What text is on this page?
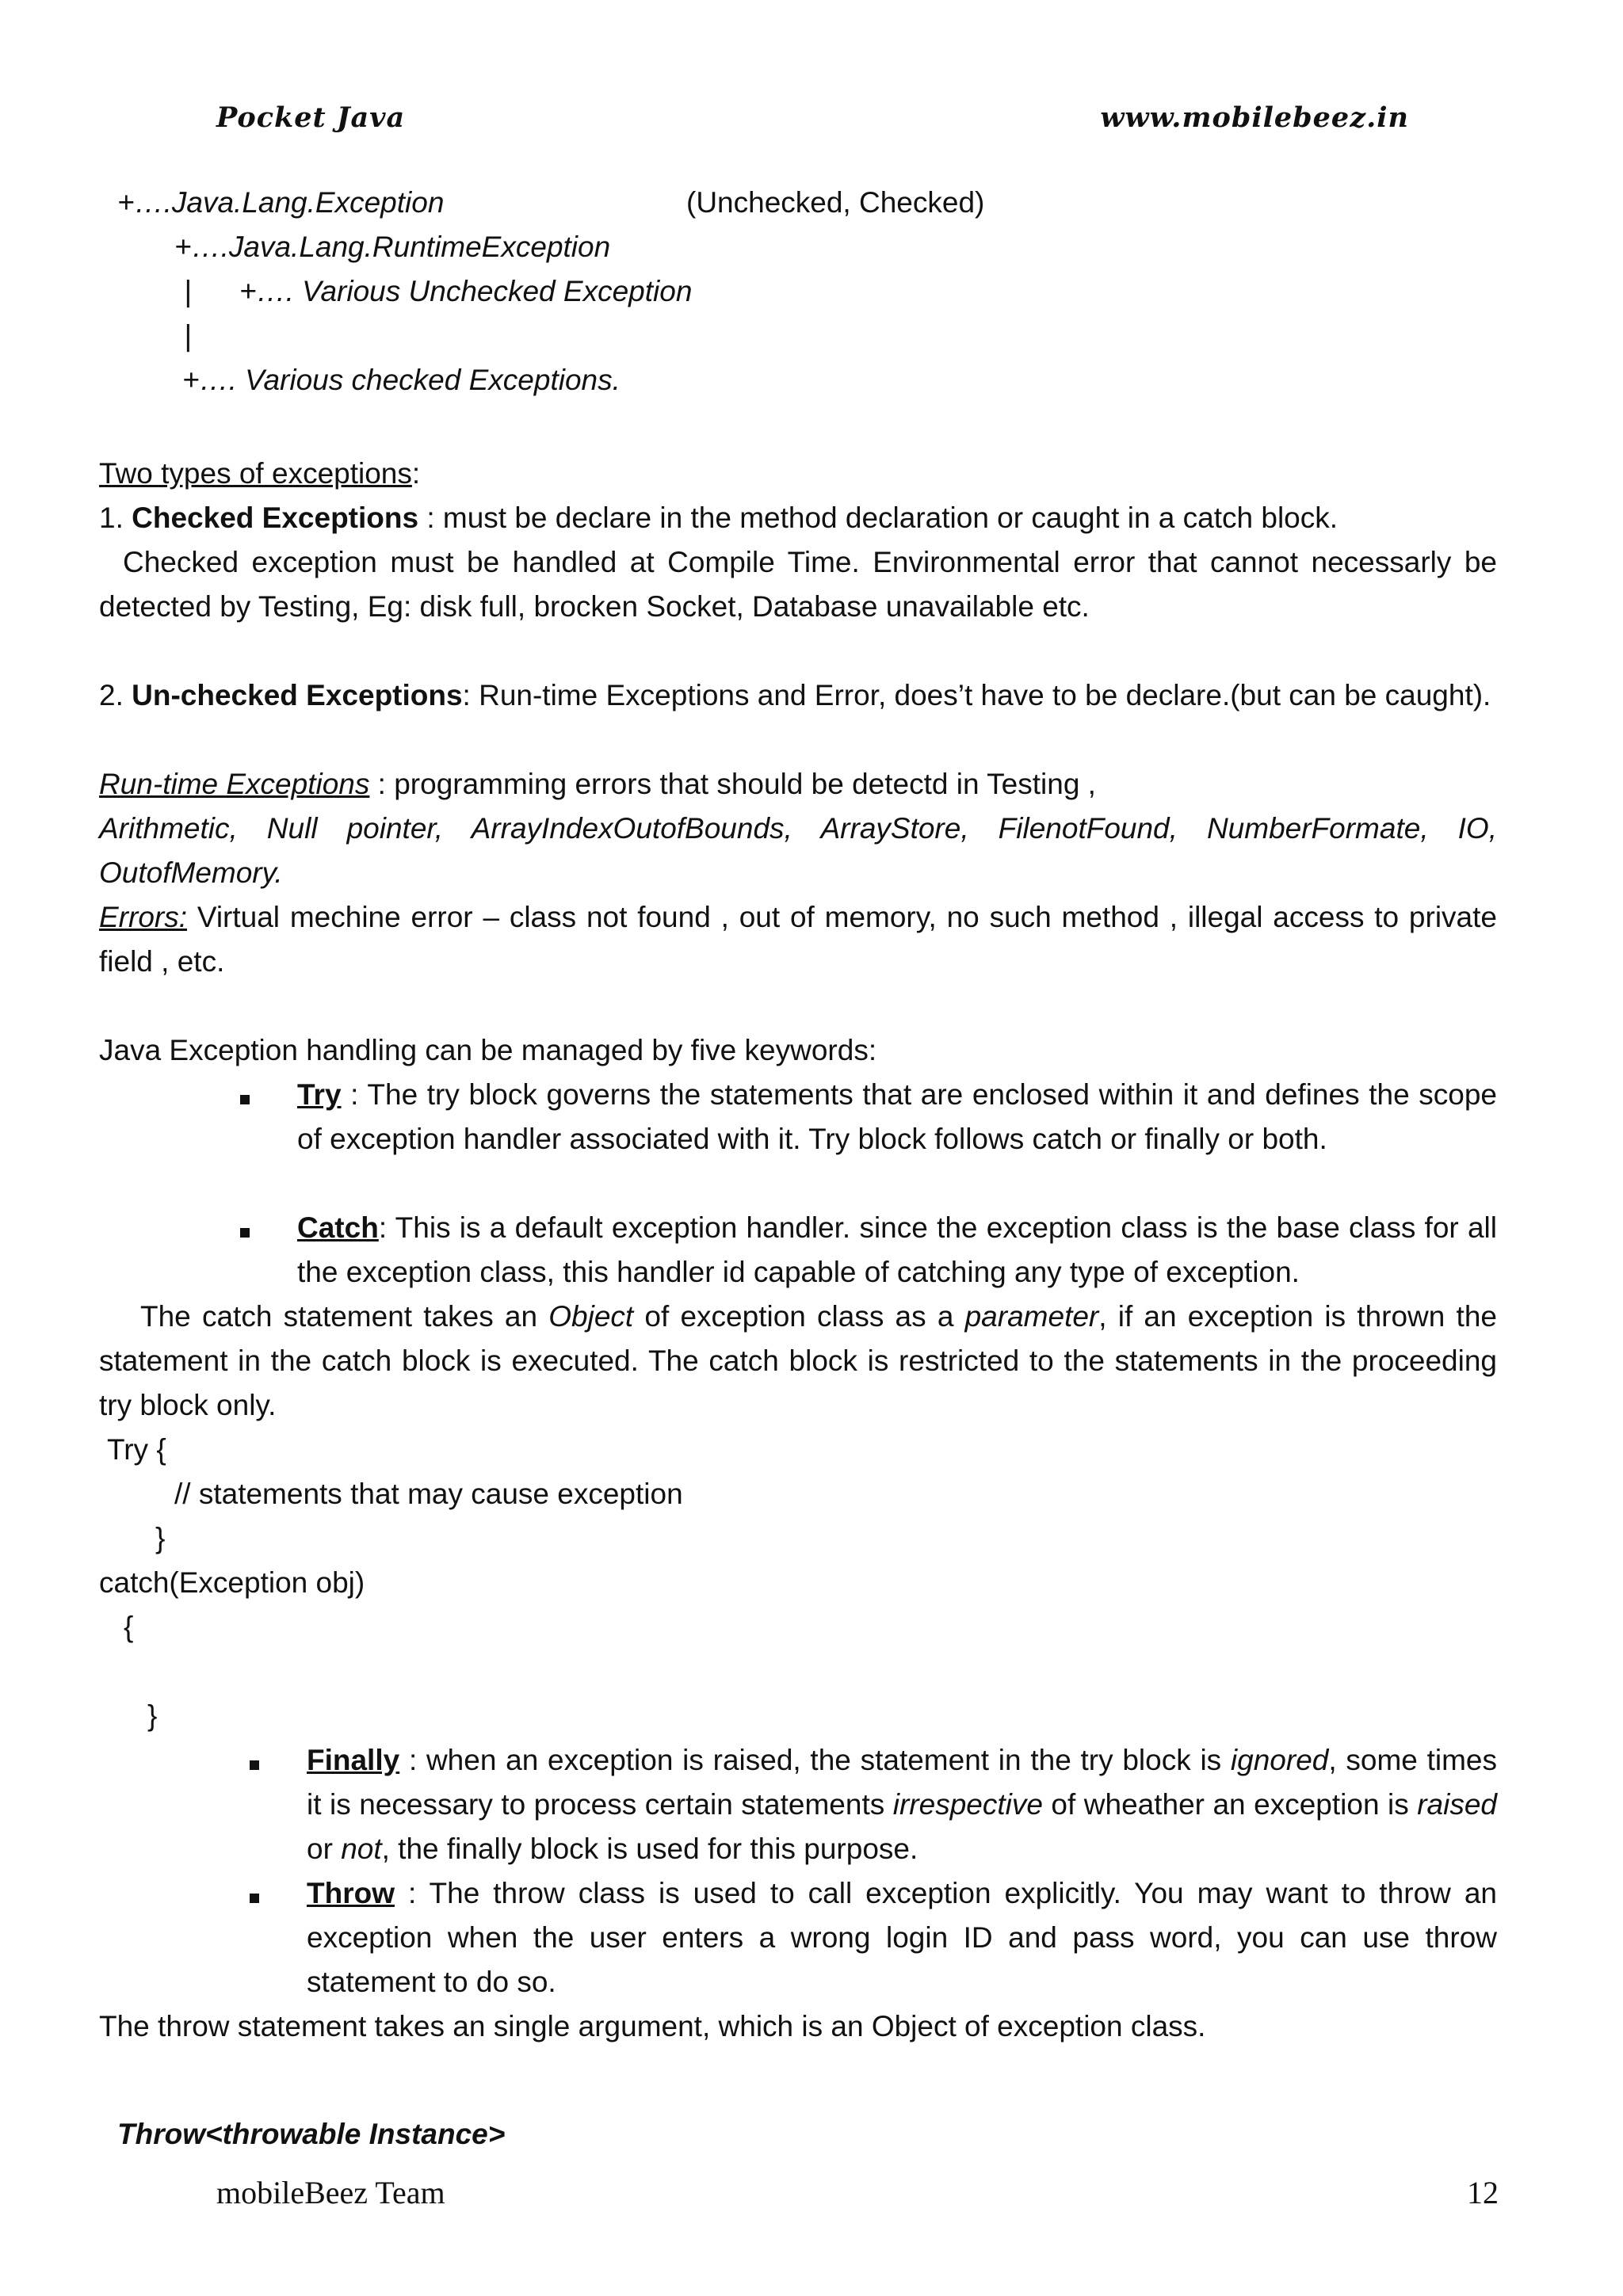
Pocket Java	www.mobilebeez.in
+….Java.Lang.Exception	(Unchecked, Checked)
+….Java.Lang.RuntimeException
| +…. Various Unchecked Exception
|
+…. Various checked Exceptions.
Two types of exceptions:
1. Checked Exceptions : must be declare in the method declaration or caught in a catch block.
Checked exception must be handled at Compile Time. Environmental error that cannot necessarly be detected by Testing, Eg: disk full, brocken Socket, Database unavailable etc.
2. Un-checked Exceptions: Run-time Exceptions and Error, does’t have to be declare.(but can be caught).
Run-time Exceptions : programming errors that should be detectd in Testing ,
Arithmetic, Null pointer, ArrayIndexOutofBounds, ArrayStore, FilenotFound, NumberFormate, IO, OutofMemory.
Errors: Virtual mechine error – class not found , out of memory, no such method , illegal access to private field , etc.
Java Exception handling can be managed by five keywords:
Try : The try block governs the statements that are enclosed within it and defines the scope of exception handler associated with it. Try block follows catch or finally or both.
Catch: This is a default exception handler. since the exception class is the base class for all the exception class, this handler id capable of catching any type of exception.
The catch statement takes an Object of exception class as a parameter, if an exception is thrown the statement in the catch block is executed. The catch block is restricted to the statements in the proceeding try block only.
Try {
// statements that may cause exception
}
catch(Exception obj)
{
}
Finally : when an exception is raised, the statement in the try block is ignored, some times it is necessary to process certain statements irrespective of wheather an exception is raised or not, the finally block is used for this purpose.
Throw : The throw class is used to call exception explicitly. You may want to throw an exception when the user enters a wrong login ID and pass word, you can use throw statement to do so.
The throw statement takes an single argument, which is an Object of exception class.
Throw<throwable Instance>
mobileBeez Team	12
